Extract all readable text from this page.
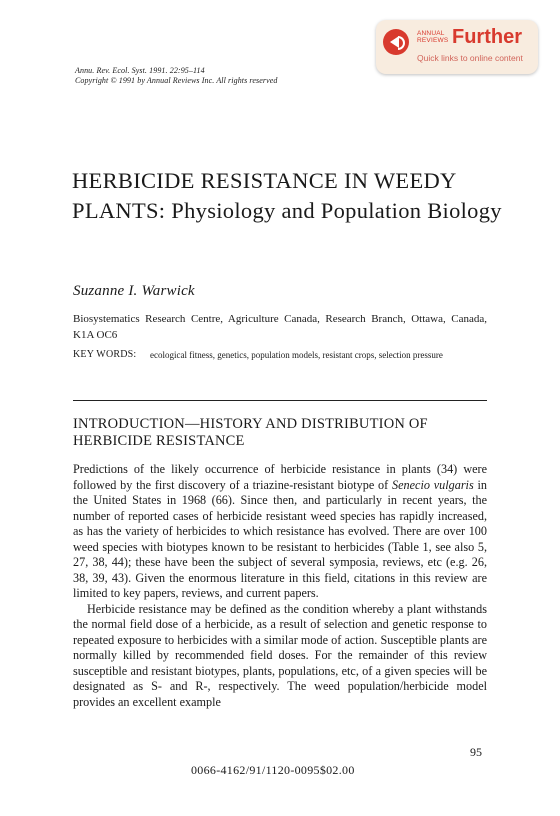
ANNUAL
REVIEWS Further
Quick links to online content
Annu. Rev. Ecol. Syst. 1991. 22:95–114
Copyright © 1991 by Annual Reviews Inc. All rights reserved
HERBICIDE RESISTANCE IN WEEDY PLANTS: Physiology and Population Biology
Suzanne I. Warwick
Biosystematics Research Centre, Agriculture Canada, Research Branch, Ottawa, Canada, K1A OC6
KEY WORDS: ecological fitness, genetics, population models, resistant crops, selection pressure
INTRODUCTION—HISTORY AND DISTRIBUTION OF HERBICIDE RESISTANCE

Predictions of the likely occurrence of herbicide resistance in plants (34) were followed by the first discovery of a triazine-resistant biotype of Senecio vulgaris in the United States in 1968 (66). Since then, and particularly in recent years, the number of reported cases of herbicide resistant weed species has rapidly increased, as has the variety of herbicides to which resistance has evolved. There are over 100 weed species with biotypes known to be resistant to herbicides (Table 1, see also 5, 27, 38, 44); these have been the subject of several symposia, reviews, etc (e.g. 26, 38, 39, 43). Given the enormous literature in this field, citations in this review are limited to key papers, reviews, and current papers.

Herbicide resistance may be defined as the condition whereby a plant withstands the normal field dose of a herbicide, as a result of selection and genetic response to repeated exposure to herbicides with a similar mode of action. Susceptible plants are normally killed by recommended field doses. For the remainder of this review susceptible and resistant biotypes, plants, populations, etc, of a given species will be designated as S- and R-, respectively. The weed population/herbicide model provides an excellent example

95
0066-4162/91/1120-0095$02.00
